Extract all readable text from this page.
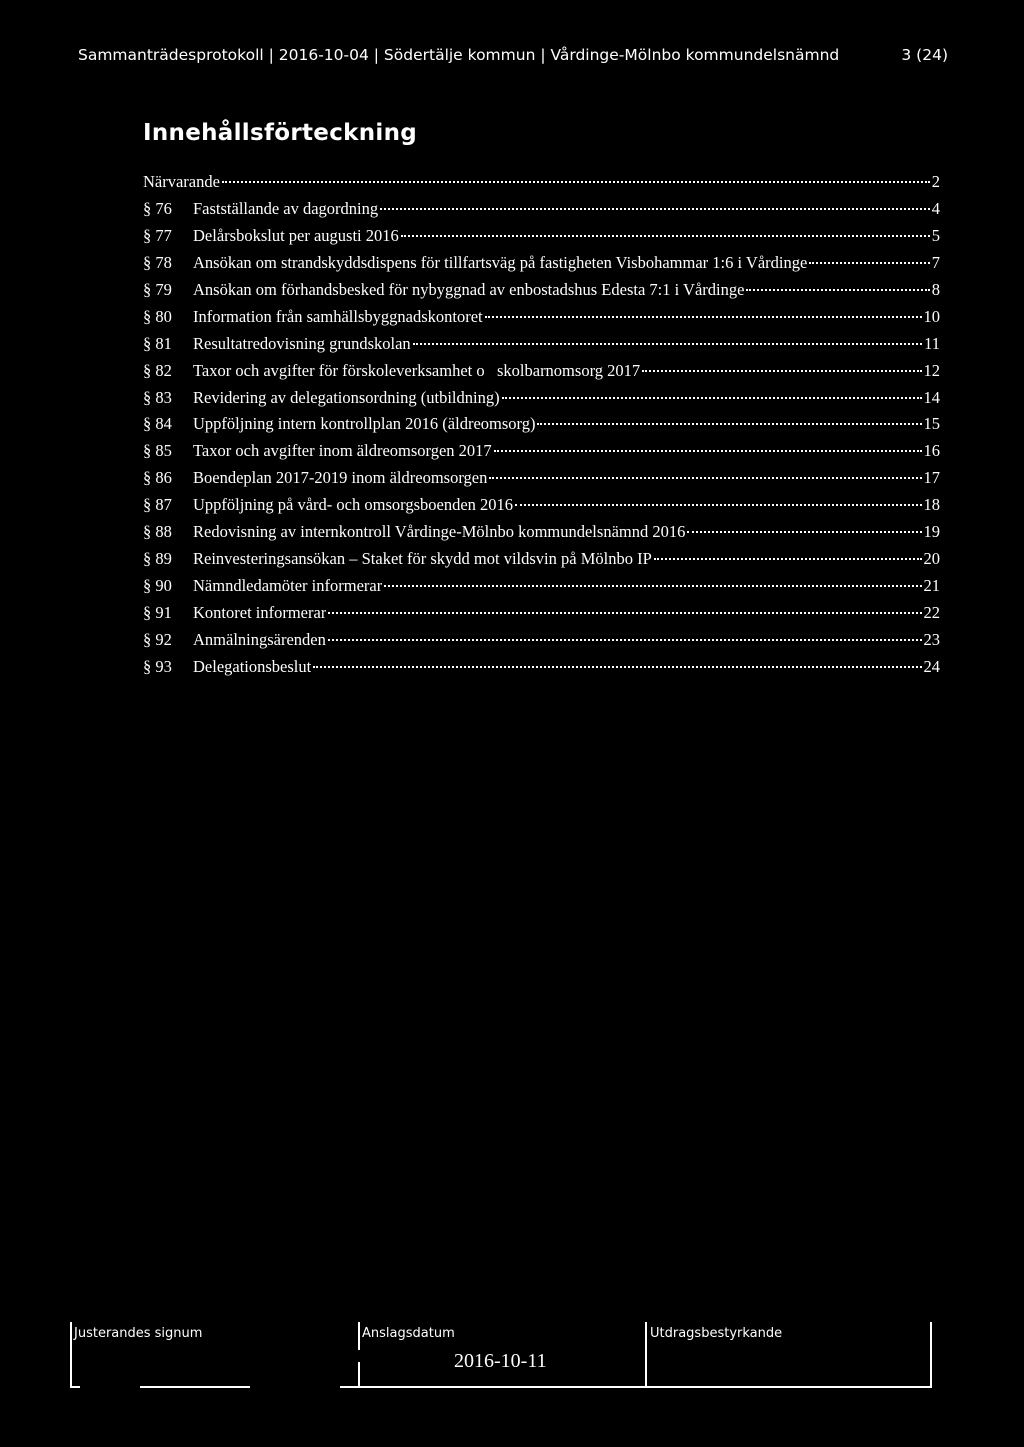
Sammanträdesprotokoll | 2016-10-04 | Södertälje kommun | Vårdinge-Mölnbo kommundelsnämnd	3 (24)
Innehållsförteckning
Närvarande	2
§ 76	Fastställande av dagordning	4
§ 77	Delårsbokslut per augusti 2016	5
§ 78	Ansökan om strandskyddsdispens för tillfartsväg på fastigheten Visbohammar 1:6 i Vårdinge	7
§ 79	Ansökan om förhandsbesked för nybyggnad av enbostadshus Edesta 7:1 i Vårdinge	8
§ 80	Information från samhällsbyggnadskontoret	10
§ 81	Resultatredovisning grundskolan	11
§ 82	Taxor och avgifter för förskoleverksamhet o   skolbarnomsorg 2017	12
§ 83	Revidering av delegationsordning (utbildning)	14
§ 84	Uppföljning intern kontrollplan 2016 (äldreomsorg)	15
§ 85	Taxor och avgifter inom äldreomsorgen 2017	16
§ 86	Boendeplan 2017-2019 inom äldreomsorgen	17
§ 87	Uppföljning på vård- och omsorgsboenden 2016	18
§ 88	Redovisning av internkontroll Vårdinge-Mölnbo kommundelsnämnd 2016	19
§ 89	Reinvesteringsansökan – Staket för skydd mot vildsvin på Mölnbo IP	20
§ 90	Nämndledamöter informerar	21
§ 91	Kontoret informerar	22
§ 92	Anmälningsärenden	23
§ 93	Delegationsbeslut	24
Justerandes signum	Anslagsdatum
2016-10-11
Utdragsbestyrkande
